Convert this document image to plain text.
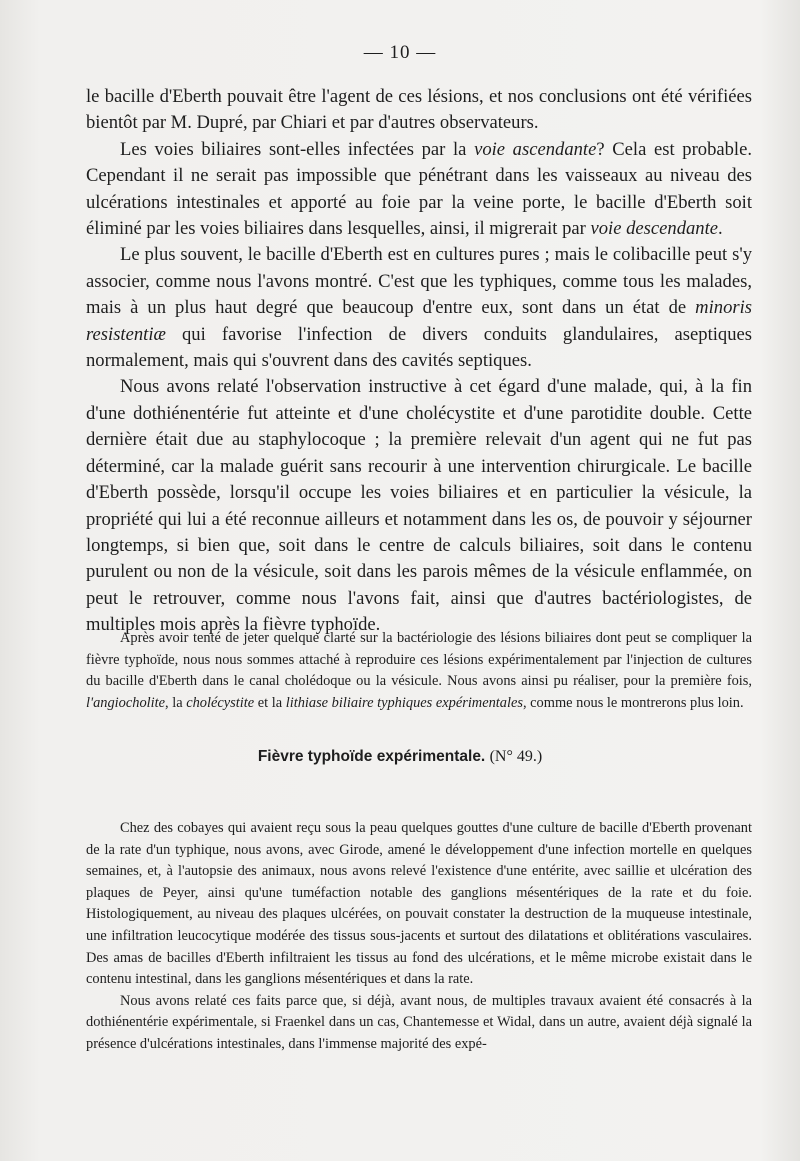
— 10 —

le bacille d'Eberth pouvait être l'agent de ces lésions, et nos conclusions ont été vérifiées bientôt par M. Dupré, par Chiari et par d'autres observateurs.

Les voies biliaires sont-elles infectées par la voie ascendante? Cela est probable. Cependant il ne serait pas impossible que pénétrant dans les vaisseaux au niveau des ulcérations intestinales et apporté au foie par la veine porte, le bacille d'Eberth soit éliminé par les voies biliaires dans lesquelles, ainsi, il migrerait par voie descendante.

Le plus souvent, le bacille d'Eberth est en cultures pures ; mais le colibacille peut s'y associer, comme nous l'avons montré. C'est que les typhiques, comme tous les malades, mais à un plus haut degré que beaucoup d'entre eux, sont dans un état de minoris resistentiæ qui favorise l'infection de divers conduits glandulaires, aseptiques normalement, mais qui s'ouvrent dans des cavités septiques.

Nous avons relaté l'observation instructive à cet égard d'une malade, qui, à la fin d'une dothiénentérie fut atteinte et d'une cholécystite et d'une parotidite double. Cette dernière était due au staphylocoque ; la première relevait d'un agent qui ne fut pas déterminé, car la malade guérit sans recourir à une intervention chirurgicale. Le bacille d'Eberth possède, lorsqu'il occupe les voies biliaires et en particulier la vésicule, la propriété qui lui a été reconnue ailleurs et notamment dans les os, de pouvoir y séjourner longtemps, si bien que, soit dans le centre de calculs biliaires, soit dans le contenu purulent ou non de la vésicule, soit dans les parois mêmes de la vésicule enflammée, on peut le retrouver, comme nous l'avons fait, ainsi que d'autres bactériologistes, de multiples mois après la fièvre typhoïde.

Après avoir tenté de jeter quelque clarté sur la bactériologie des lésions biliaires dont peut se compliquer la fièvre typhoïde, nous nous sommes attaché à reproduire ces lésions expérimentalement par l'injection de cultures du bacille d'Eberth dans le canal cholédoque ou la vésicule. Nous avons ainsi pu réaliser, pour la première fois, l'angiocholite, la cholécystite et la lithiase biliaire typhiques expérimentales, comme nous le montrerons plus loin.

Fièvre typhoïde expérimentale. (N° 49.)

Chez des cobayes qui avaient reçu sous la peau quelques gouttes d'une culture de bacille d'Eberth provenant de la rate d'un typhique, nous avons, avec Girode, amené le développement d'une infection mortelle en quelques semaines, et, à l'autopsie des animaux, nous avons relevé l'existence d'une entérite, avec saillie et ulcération des plaques de Peyer, ainsi qu'une tuméfaction notable des ganglions mésentériques de la rate et du foie. Histologiquement, au niveau des plaques ulcérées, on pouvait constater la destruction de la muqueuse intestinale, une infiltration leucocytique modérée des tissus sous-jacents et surtout des dilatations et oblitérations vasculaires. Des amas de bacilles d'Eberth infiltraient les tissus au fond des ulcérations, et le même microbe existait dans le contenu intestinal, dans les ganglions mésentériques et dans la rate.

Nous avons relaté ces faits parce que, si déjà, avant nous, de multiples travaux avaient été consacrés à la dothiénentérie expérimentale, si Fraenkel dans un cas, Chantemesse et Widal, dans un autre, avaient déjà signalé la présence d'ulcérations intestinales, dans l'immense majorité des expé-
